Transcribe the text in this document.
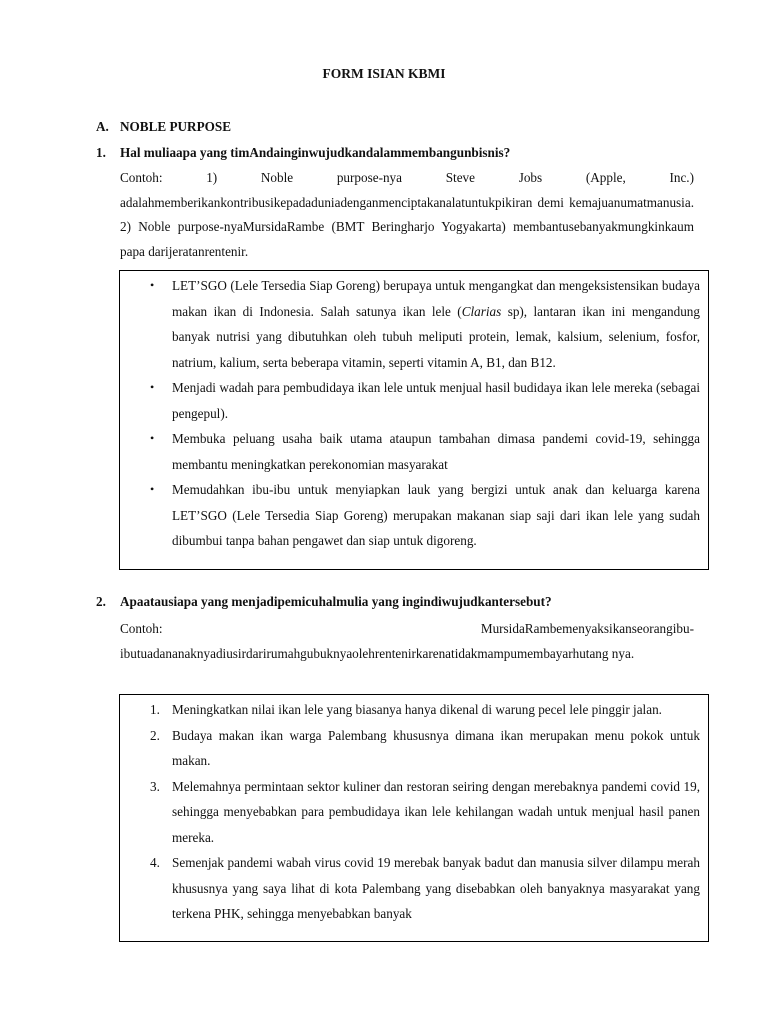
FORM ISIAN KBMI
A. NOBLE PURPOSE
1. Hal muliaapa yang timAndainginwujudkandalammembangunbisnis?
Contoh: 1) Noble purpose-nya Steve Jobs (Apple, Inc.) adalahmemberikankontribusikepadaduniadenganmenciptakanalatuntukpikiran demi kemajuanumatmanusia. 2) Noble purpose-nyaMursidaRambe (BMT Beringharjo Yogyakarta) membantusebanyakmungkinkaum papa darijeratanrentenir.
• LET’SGO (Lele Tersedia Siap Goreng) berupaya untuk mengangkat dan mengeksistensikan budaya makan ikan di Indonesia. Salah satunya ikan lele (Clarias sp), lantaran ikan ini mengandung banyak nutrisi yang dibutuhkan oleh tubuh meliputi protein, lemak, kalsium, selenium, fosfor, natrium, kalium, serta beberapa vitamin, seperti vitamin A, B1, dan B12.
• Menjadi wadah para pembudidaya ikan lele untuk menjual hasil budidaya ikan lele mereka (sebagai pengepul).
• Membuka peluang usaha baik utama ataupun tambahan dimasa pandemi covid-19, sehingga membantu meningkatkan perekonomian masyarakat
• Memudahkan ibu-ibu untuk menyiapkan lauk yang bergizi untuk anak dan keluarga karena LET’SGO (Lele Tersedia Siap Goreng) merupakan makanan siap saji dari ikan lele yang sudah dibumbui tanpa bahan pengawet dan siap untuk digoreng.
2. Apaatausiapa yang menjadipemicuhalmulia yang ingindiwujudkantersebut?
Contoh: MursidaRambemenyaksikanseorangibu-ibutuadananaknyadiusirdarirumahgubuknyaolehrentenirkarenatidakmampumembayarhutang nya.
1. Meningkatkan nilai ikan lele yang biasanya hanya dikenal di warung pecel lele pinggir jalan.
2. Budaya makan ikan warga Palembang khususnya dimana ikan merupakan menu pokok untuk makan.
3. Melemahnya permintaan sektor kuliner dan restoran seiring dengan merebaknya pandemi covid 19, sehingga menyebabkan para pembudidaya ikan lele kehilangan wadah untuk menjual hasil panen mereka.
4. Semenjak pandemi wabah virus covid 19 merebak banyak badut dan manusia silver dilampu merah khususnya yang saya lihat di kota Palembang yang disebabkan oleh banyaknya masyarakat yang terkena PHK, sehingga menyebabkan banyak
